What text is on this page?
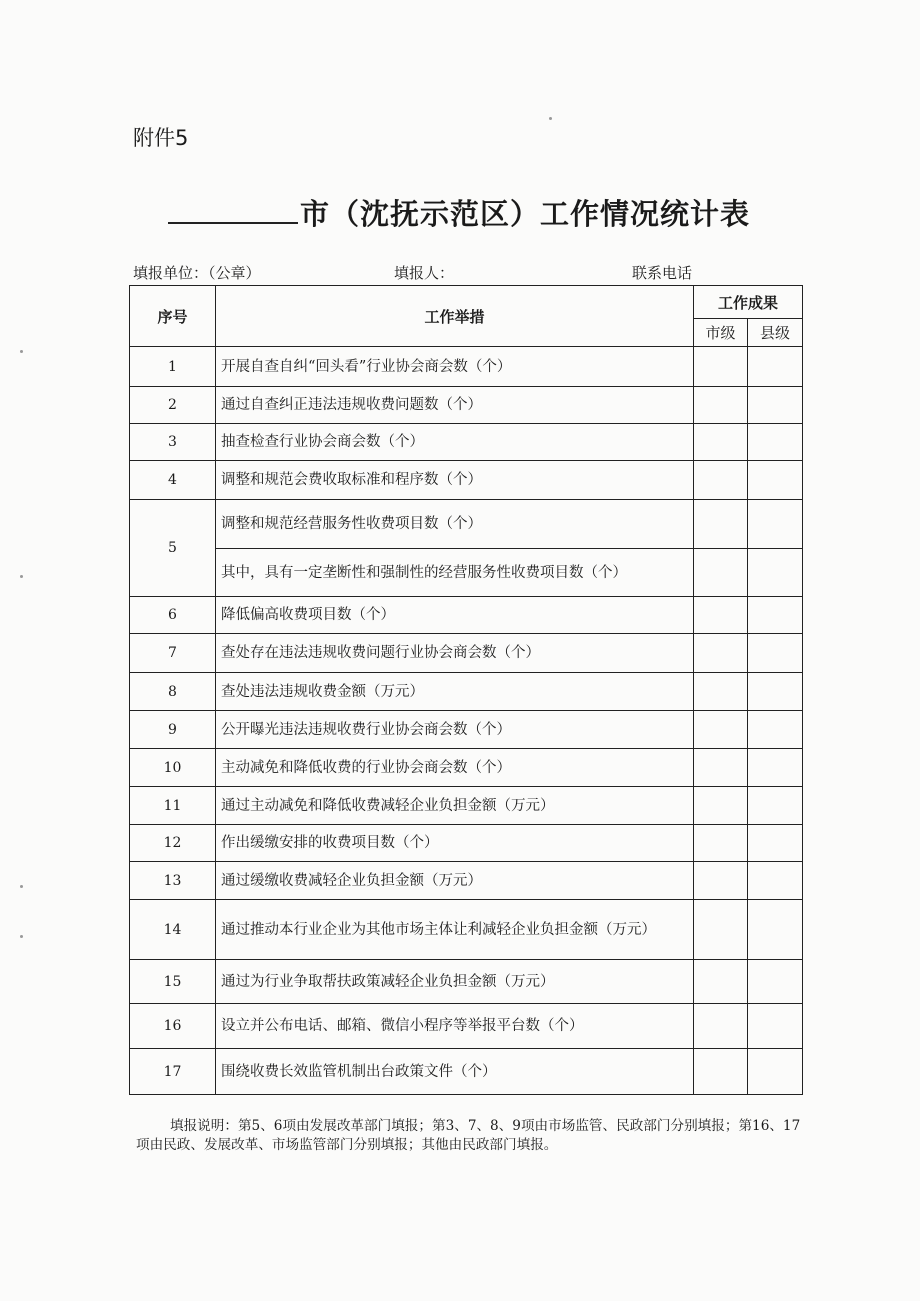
附件5
市（沈抚示范区）工作情况统计表
填报单位：（公章）	填报人：	联系电话
序号	工作举措	工作成果	
		市级	县级
1	开展自查自纠“回头看”行业协会商会数（个）		
2	通过自查纠正违法违规收费问题数（个）		
3	抽查检查行业协会商会数（个）		
4	调整和规范会费收取标准和程序数（个）		
5	调整和规范经营服务性收费项目数（个）		
	其中，具有一定垄断性和强制性的经营服务性收费项目数（个）		
6	降低偏高收费项目数（个）		
7	查处存在违法违规收费问题行业协会商会数（个）		
8	查处违法违规收费金额（万元）		
9	公开曝光违法违规收费行业协会商会数（个）		
10	主动减免和降低收费的行业协会商会数（个）		
11	通过主动减免和降低收费减轻企业负担金额（万元）		
12	作出缓缴安排的收费项目数（个）		
13	通过缓缴收费减轻企业负担金额（万元）		
14	通过推动本行业企业为其他市场主体让利减轻企业负担金额（万元）		
15	通过为行业争取帮扶政策减轻企业负担金额（万元）		
16	设立并公布电话、邮箱、微信小程序等举报平台数（个）		
17	围绕收费长效监管机制出台政策文件（个）		
填报说明：第5、6项由发展改革部门填报；第3、7、8、9项由市场监管、民政部门分别填报；第16、17项由民政、发展改革、市场监管部门分别填报；其他由民政部门填报。
